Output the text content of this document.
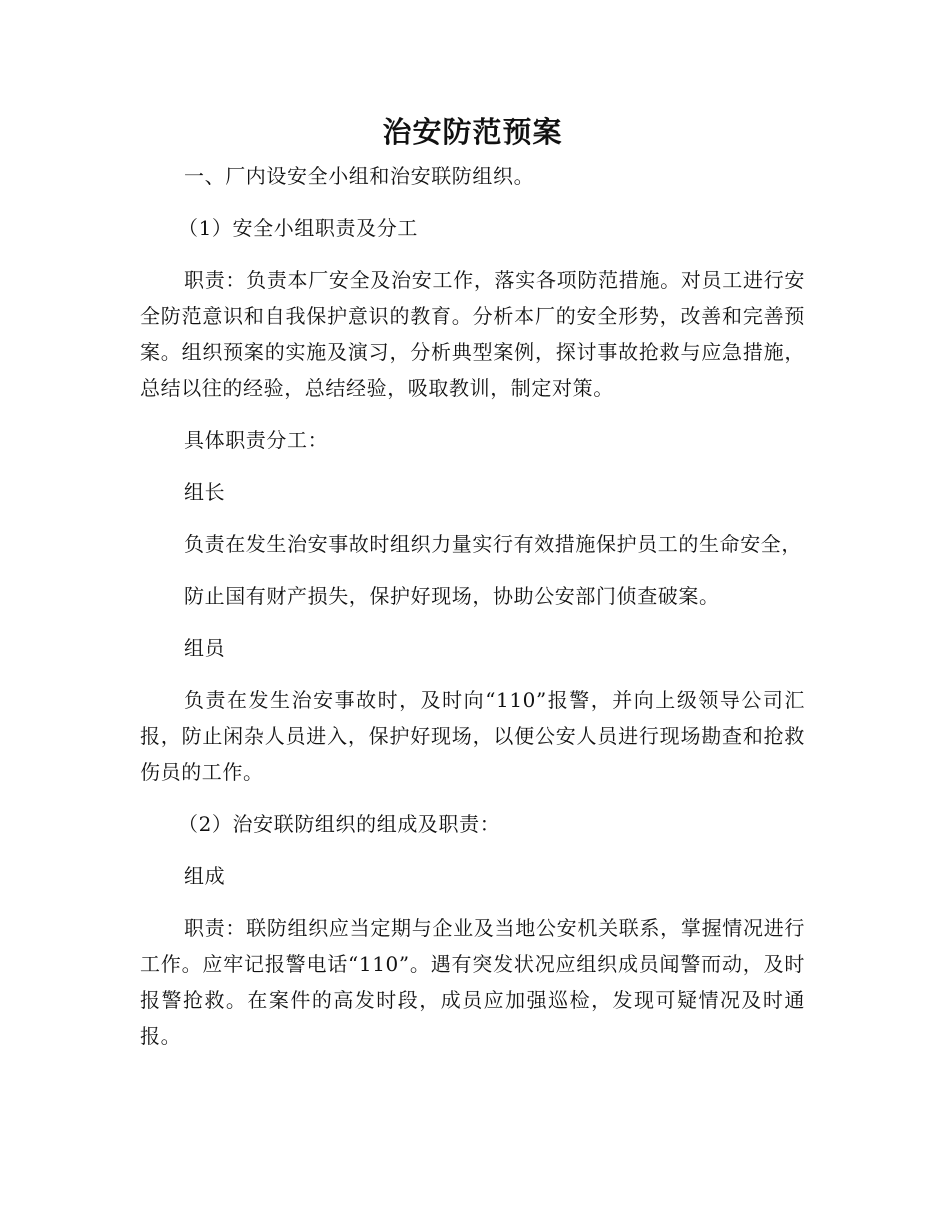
治安防范预案

一、厂内设安全小组和治安联防组织。

（1）安全小组职责及分工

职责：负责本厂安全及治安工作，落实各项防范措施。对员工进行安全防范意识和自我保护意识的教育。分析本厂的安全形势，改善和完善预案。组织预案的实施及演习，分析典型案例，探讨事故抢救与应急措施，总结以往的经验，总结经验，吸取教训，制定对策。

具体职责分工：

组长

负责在发生治安事故时组织力量实行有效措施保护员工的生命安全，

防止国有财产损失，保护好现场，协助公安部门侦查破案。

组员

负责在发生治安事故时，及时向“110”报警，并向上级领导公司汇报，防止闲杂人员进入，保护好现场，以便公安人员进行现场勘查和抢救伤员的工作。

（2）治安联防组织的组成及职责：

组成

职责：联防组织应当定期与企业及当地公安机关联系，掌握情况进行工作。应牢记报警电话“110”。遇有突发状况应组织成员闻警而动，及时报警抢救。在案件的高发时段，成员应加强巡检，发现可疑情况及时通报。
